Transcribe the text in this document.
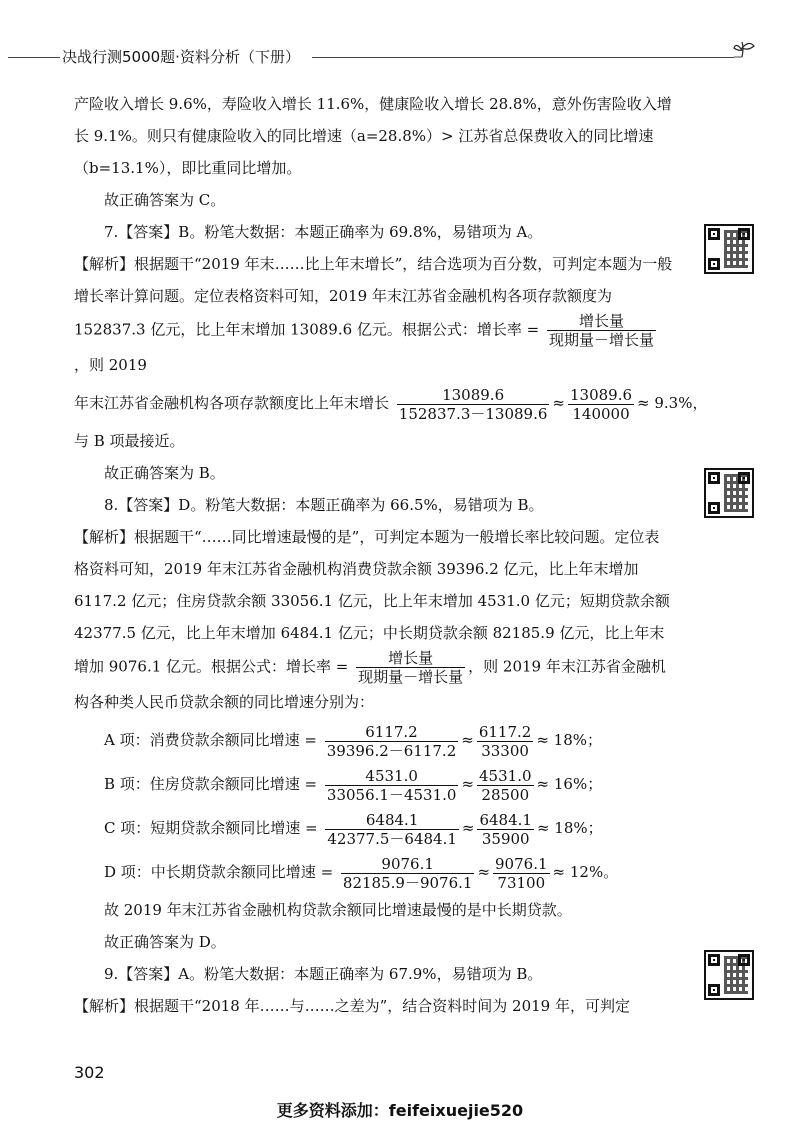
决战行测5000题·资料分析（下册）

产险收入增长 9.6%，寿险收入增长 11.6%，健康险收入增长 28.8%，意外伤害险收入增长 9.1%。则只有健康险收入的同比增速（a=28.8%）> 江苏省总保费收入的同比增速（b=13.1%），即比重同比增加。

故正确答案为 C。

7.【答案】B。粉笔大数据：本题正确率为 69.8%，易错项为 A。

【解析】根据题干“2019 年末……比上年末增长”，结合选项为百分数，可判定本题为一般增长率计算问题。定位表格资料可知，2019 年末江苏省金融机构各项存款额度为 152837.3 亿元，比上年末增加 13089.6 亿元。根据公式：增长率 = $\frac{\text{增长量}}{\text{现期量－增长量}}$
，则 2019

年末江苏省金融机构各项存款额度比上年末增长 $\frac{13089.6}{152837.3-13089.6} \approx \frac{13089.6}{140000} \approx 9.3\%$，

与 B 项最接近。

故正确答案为 B。

8.【答案】D。粉笔大数据：本题正确率为 66.5%，易错项为 B。

【解析】根据题干“……同比增速最慢的是”，可判定本题为一般增长率比较问题。定位表格资料可知，2019 年末江苏省金融机构消费贷款余额 39396.2 亿元，比上年末增加 6117.2 亿元；住房贷款余额 33056.1 亿元，比上年末增加 4531.0 亿元；短期贷款余额 42377.5 亿元，比上年末增加 6484.1 亿元；中长期贷款余额 82185.9 亿元，比上年末增加 9076.1 亿元。根据公式：增长率 = $\frac{\text{增长量}}{\text{现期量－增长量}}$ ，则 2019 年末江苏省金融机构各种类人民币贷款余额的同比增速分别为：

A 项：消费贷款余额同比增速 = $\frac{6117.2}{39396.2-6117.2} \approx \frac{6117.2}{33300} \approx 18\%$；

B 项：住房贷款余额同比增速 = $\frac{4531.0}{33056.1-4531.0} \approx \frac{4531.0}{28500} \approx 16\%$；

C 项：短期贷款余额同比增速 = $\frac{6484.1}{42377.5-6484.1} \approx \frac{6484.1}{35900} \approx 18\%$；

D 项：中长期贷款余额同比增速 = $\frac{9076.1}{82185.9-9076.1} \approx \frac{9076.1}{73100} \approx 12\%$。

故 2019 年末江苏省金融机构贷款余额同比增速最慢的是中长期贷款。

故正确答案为 D。

9.【答案】A。粉笔大数据：本题正确率为 67.9%，易错项为 B。

【解析】根据题干“2018 年……与……之差为”，结合资料时间为 2019 年，可判定

302
更多资料添加：feifeixuejie520
